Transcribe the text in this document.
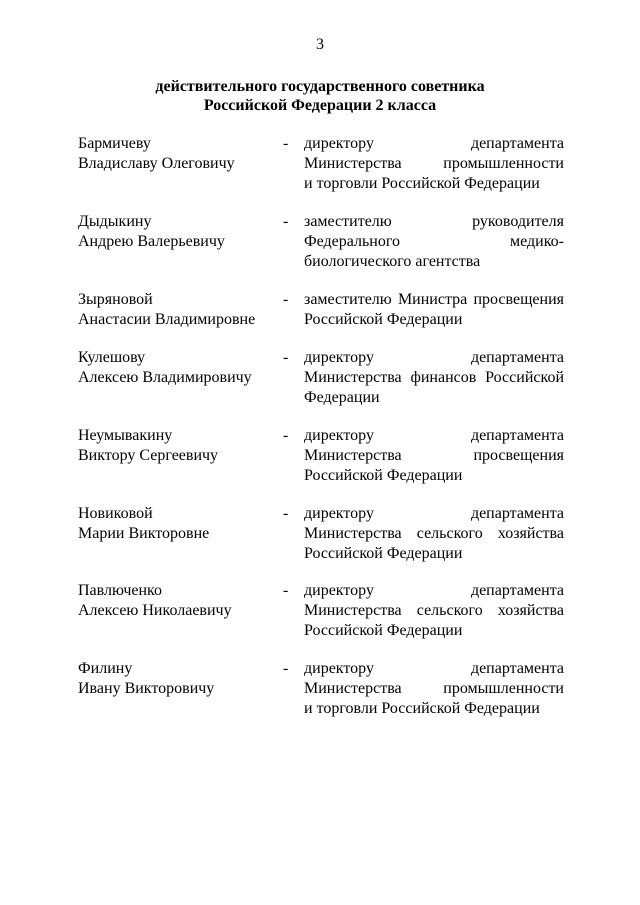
3
действительного государственного советника
Российской Федерации 2 класса
Бармичеву
Владиславу Олеговичу
- директору департамента
Министерства промышленности
и торговли Российской Федерации
Дыдыкину
Андрею Валерьевичу
- заместителю руководителя
Федерального медико-
биологического агентства
Зыряновой
Анастасии Владимировне
- заместителю Министра просвещения
Российской Федерации
Кулешову
Алексею Владимировичу
- директору департамента
Министерства финансов Российской
Федерации
Неумывакину
Виктору Сергеевичу
- директору департамента
Министерства просвещения
Российской Федерации
Новиковой
Марии Викторовне
- директору департамента
Министерства сельского хозяйства
Российской Федерации
Павлюченко
Алексею Николаевичу
- директору департамента
Министерства сельского хозяйства
Российской Федерации
Филину
Ивану Викторовичу
- директору департамента
Министерства промышленности
и торговли Российской Федерации
